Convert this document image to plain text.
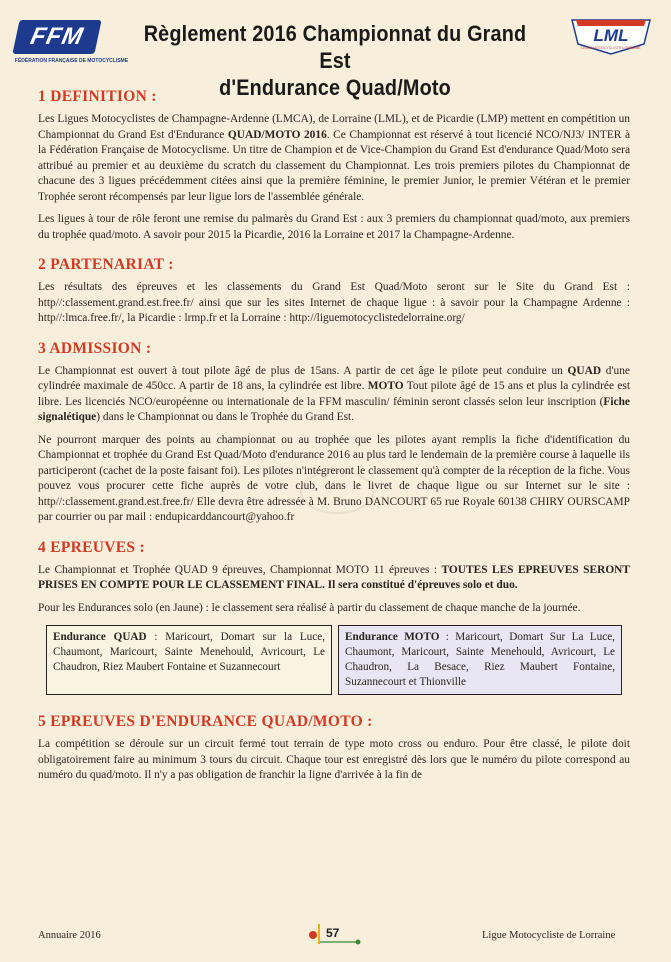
FFM
FÉDÉRATION FRANÇAISE DE MOTOCYCLISME
Règlement 2016 Championnat du Grand Est
d'Endurance Quad/Moto
LML
LIGUE MOTOCYCLISTE LORRAINE
1 DEFINITION :

Les Ligues Motocyclistes de Champagne-Ardenne (LMCA), de Lorraine (LML), et de Picardie (LMP) mettent en compétition un Championnat du Grand Est d'Endurance QUAD/MOTO 2016. Ce Championnat est réservé à tout licencié NCO/NJ3/ INTER à la Fédération Française de Motocyclisme. Un titre de Champion et de Vice-Champion du Grand Est d'endurance Quad/Moto sera attribué au premier et au deuxième du scratch du classement du Championnat. Les trois premiers pilotes du Championnat de chacune des 3 ligues précédemment citées ainsi que la première féminine, le premier Junior, le premier Vétéran et le premier Trophée seront récompensés par leur ligue lors de l'assemblée générale.

Les ligues à tour de rôle feront une remise du palmarès du Grand Est : aux 3 premiers du championnat quad/moto, aux premiers du trophée quad/moto. A savoir pour 2015 la Picardie, 2016 la Lorraine et 2017 la Champagne-Ardenne.

2 PARTENARIAT :

Les résultats des épreuves et les classements du Grand Est Quad/Moto seront sur le Site du Grand Est : http//:classement.grand.est.free.fr/ ainsi que sur les sites Internet de chaque ligue : à savoir pour la Champagne Ardenne : http//:lmca.free.fr/, la Picardie : lrmp.fr et la Lorraine : http://liguemotocyclistedelorraine.org/

3 ADMISSION :

Le Championnat est ouvert à tout pilote âgé de plus de 15ans. A partir de cet âge le pilote peut conduire un QUAD d'une cylindrée maximale de 450cc. A partir de 18 ans, la cylindrée est libre. MOTO Tout pilote âgé de 15 ans et plus la cylindrée est libre. Les licenciés NCO/européenne ou internationale de la FFM masculin/ féminin seront classés selon leur inscription (Fiche signalétique) dans le Championnat ou dans le Trophée du Grand Est.

Ne pourront marquer des points au championnat ou au trophée que les pilotes ayant remplis la fiche d'identification du Championnat et trophée du Grand Est Quad/Moto d'endurance 2016 au plus tard le lendemain de la première course à laquelle ils participeront (cachet de la poste faisant foi). Les pilotes n'intégreront le classement qu'à compter de la réception de la fiche. Vous pouvez vous procurer cette fiche auprès de votre club, dans le livret de chaque ligue ou sur Internet sur le site : http//:classement.grand.est.free.fr/ Elle devra être adressée à M. Bruno DANCOURT 65 rue Royale 60138 CHIRY OURSCAMP par courrier ou par mail : endupicarddancourt@yahoo.fr

4 EPREUVES :

Le Championnat et Trophée QUAD 9 épreuves, Championnat MOTO 11 épreuves : TOUTES LES EPREUVES SERONT PRISES EN COMPTE POUR LE CLASSEMENT FINAL. Il sera constitué d'épreuves solo et duo.

Pour les Endurances solo (en Jaune) : le classement sera réalisé à partir du classement de chaque manche de la journée.

Endurance QUAD : Maricourt, Domart sur la Luce, Chaumont, Maricourt, Sainte Menehould, Avricourt, Le Chaudron, Riez Maubert Fontaine et Suzannecourt
Endurance MOTO : Maricourt, Domart Sur La Luce, Chaumont, Maricourt, Sainte Menehould, Avricourt, Le Chaudron, La Besace, Riez Maubert Fontaine, Suzannecourt et Thionville
5 EPREUVES D'ENDURANCE QUAD/MOTO :

La compétition se déroule sur un circuit fermé tout terrain de type moto cross ou enduro. Pour être classé, le pilote doit obligatoirement faire au minimum 3 tours du circuit. Chaque tour est enregistré dès lors que le numéro du pilote correspond au numéro du quad/moto. Il n'y a pas obligation de franchir la ligne d'arrivée à la fin de

Annuaire 2016	57	Ligue Motocycliste de Lorraine
